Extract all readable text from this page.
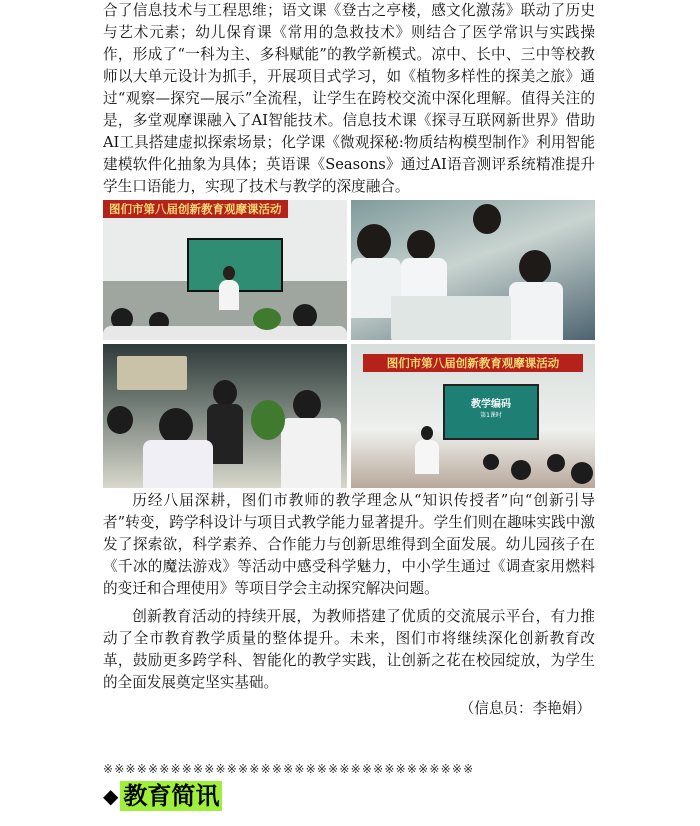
合了信息技术与工程思维；语文课《登古之亭楼，感文化激荡》联动了历史与艺术元素；幼儿保育课《常用的急救技术》则结合了医学常识与实践操作，形成了“一科为主、多科赋能”的教学新模式。凉中、长中、三中等校教师以大单元设计为抓手，开展项目式学习，如《植物多样性的探美之旅》通过“观察—探究—展示”全流程，让学生在跨校交流中深化理解。值得关注的是，多堂观摩课融入了AI智能技术。信息技术课《探寻互联网新世界》借助AI工具搭建虚拟探索场景；化学课《微观探秘:物质结构模型制作》利用智能建模软件化抽象为具体；英语课《Seasons》通过AI语音测评系统精准提升学生口语能力，实现了技术与教学的深度融合。

图们市第八届创新教育观摩课活动
图们市第八届创新教育观摩课活动
教学编码
第1课时

历经八届深耕，图们市教师的教学理念从“知识传授者”向“创新引导者”转变，跨学科设计与项目式教学能力显著提升。学生们则在趣味实践中激发了探索欲，科学素养、合作能力与创新思维得到全面发展。幼儿园孩子在《千冰的魔法游戏》等活动中感受科学魅力，中小学生通过《调查家用燃料的变迁和合理使用》等项目学会主动探究解决问题。

创新教育活动的持续开展，为教师搭建了优质的交流展示平台，有力推动了全市教育教学质量的整体提升。未来，图们市将继续深化创新教育改革，鼓励更多跨学科、智能化的教学实践，让创新之花在校园绽放，为学生的全面发展奠定坚实基础。

（信息员：李艳娟）

※※※※※※※※※※※※※※※※※※※※※※※※※※※※※※※※※
◆ 教育简讯
